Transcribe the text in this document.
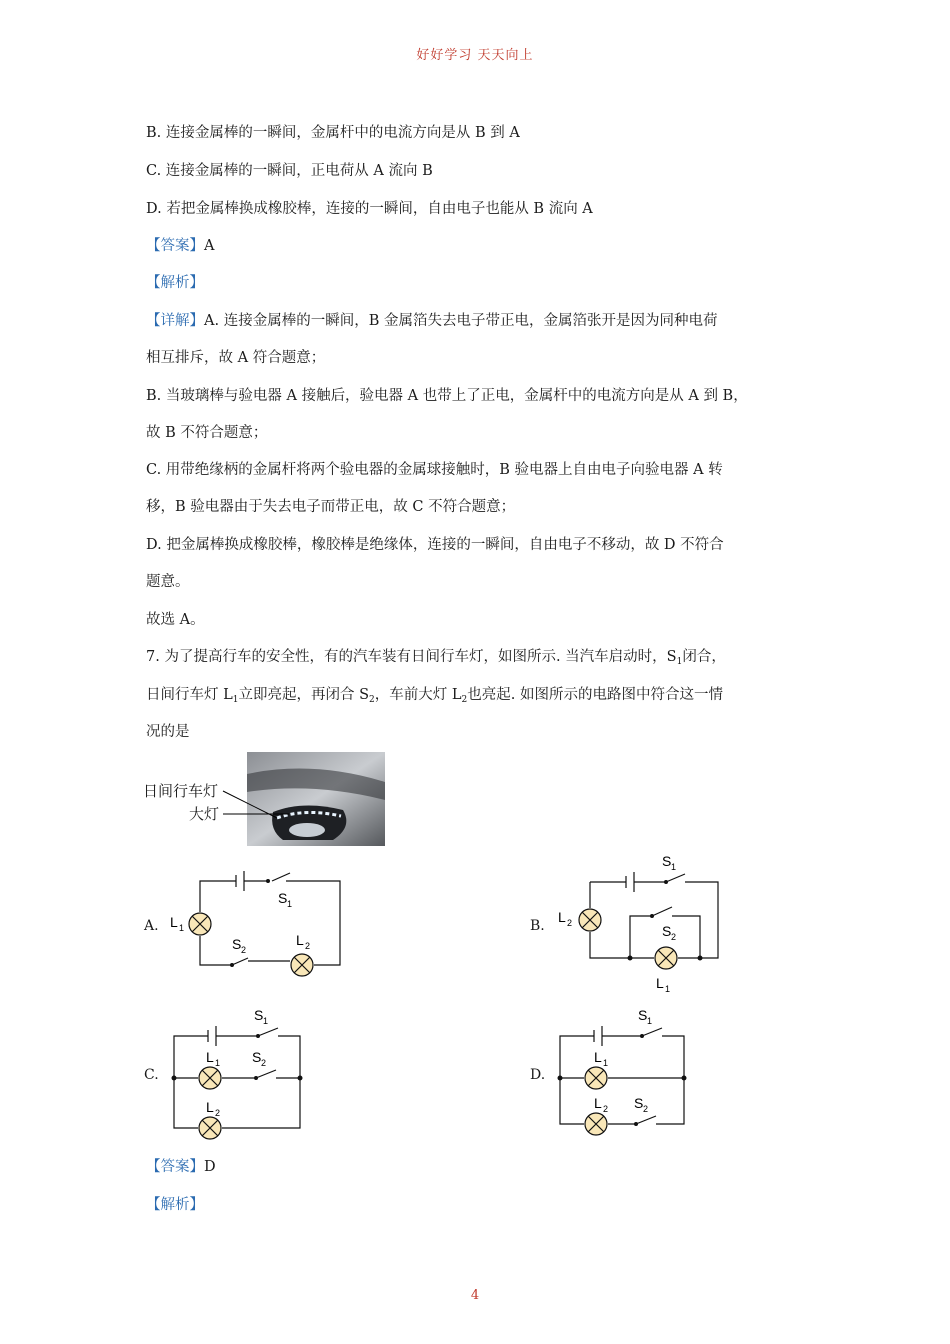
好好学习 天天向上
B. 连接金属棒的一瞬间，金属杆中的电流方向是从 B 到 A
C. 连接金属棒的一瞬间，正电荷从 A 流向 B
D. 若把金属棒换成橡胶棒，连接的一瞬间，自由电子也能从 B 流向 A
【答案】A
【解析】
【详解】A. 连接金属棒的一瞬间，B 金属箔失去电子带正电，金属箔张开是因为同种电荷
相互排斥，故 A 符合题意；
B. 当玻璃棒与验电器 A 接触后，验电器 A 也带上了正电，金属杆中的电流方向是从 A 到 B，
故 B 不符合题意；
C. 用带绝缘柄的金属杆将两个验电器的金属球接触时，B 验电器上自由电子向验电器 A 转
移，B 验电器由于失去电子而带正电，故 C 不符合题意；
D. 把金属棒换成橡胶棒，橡胶棒是绝缘体，连接的一瞬间，自由电子不移动，故 D 不符合
题意。
故选 A。
7. 为了提高行车的安全性，有的汽车装有日间行车灯，如图所示. 当汽车启动时，$S_1$闭合，
日间行车灯 $L_1$立即亮起，再闭合 $S_2$，车前大灯 $L_2$也亮起. 如图所示的电路图中符合这一情
况的是
日间行车灯
大灯
A.	B.
C.	D.
L 1
L 2
S 1
S 2
L 2
L 1
S 1
S 2
L 1
L 2
S 1
S 2	L 1
L 2
S 1
S 2
【答案】D
【解析】
4
